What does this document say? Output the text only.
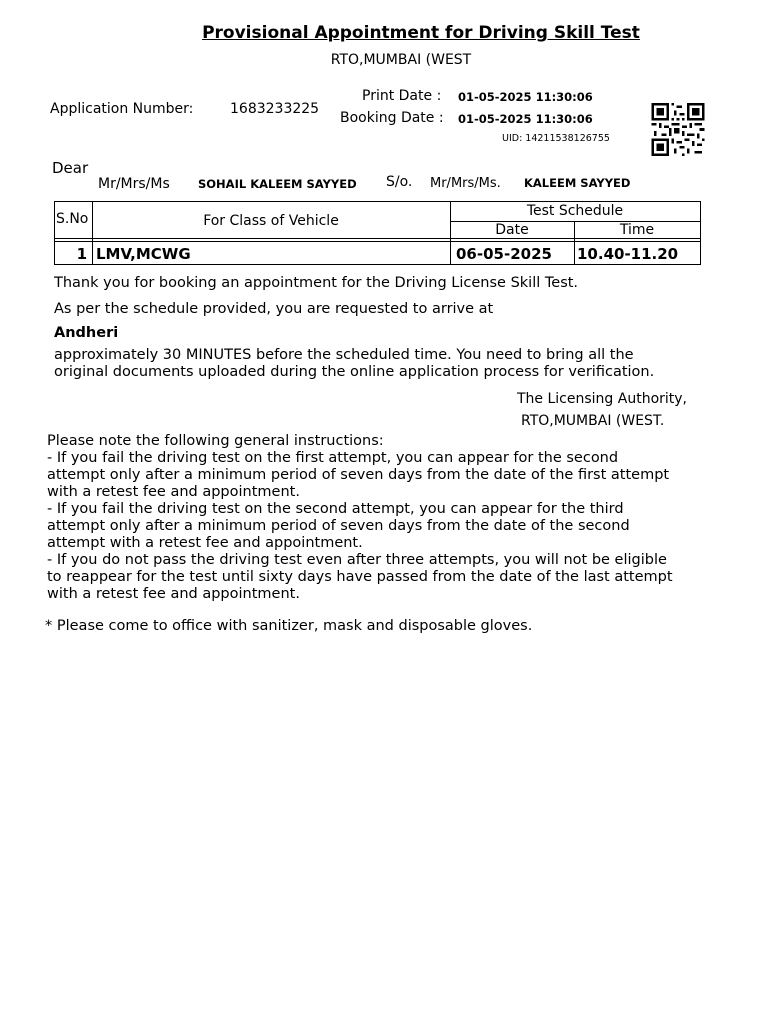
Provisional Appointment for Driving Skill Test
RTO,MUMBAI (WEST
Application Number:	1683233225
Print Date : 01-05-2025 11:30:06
Booking Date : 01-05-2025 11:30:06
UID: 14211538126755
Dear
Mr/Mrs/Ms SOHAIL KALEEM SAYYED S/o. Mr/Mrs/Ms. KALEEM SAYYED
S.No	For Class of Vehicle
Test Schedule
Date	Time
1 LMV,MCWG	06-05-2025 10.40-11.20
Thank you for booking an appointment for the Driving License Skill Test.
As per the schedule provided, you are requested to arrive at
Andheri
approximately 30 MINUTES before the scheduled time. You need to bring all the
original documents uploaded during the online application process for verification.
The Licensing Authority,
RTO,MUMBAI (WEST.
Please note the following general instructions:
- If you fail the driving test on the first attempt, you can appear for the second
attempt only after a minimum period of seven days from the date of the first attempt
with a retest fee and appointment.
- If you fail the driving test on the second attempt, you can appear for the third
attempt only after a minimum period of seven days from the date of the second
attempt with a retest fee and appointment.
- If you do not pass the driving test even after three attempts, you will not be eligible
to reappear for the test until sixty days have passed from the date of the last attempt
with a retest fee and appointment.
* Please come to office with sanitizer, mask and disposable gloves.
